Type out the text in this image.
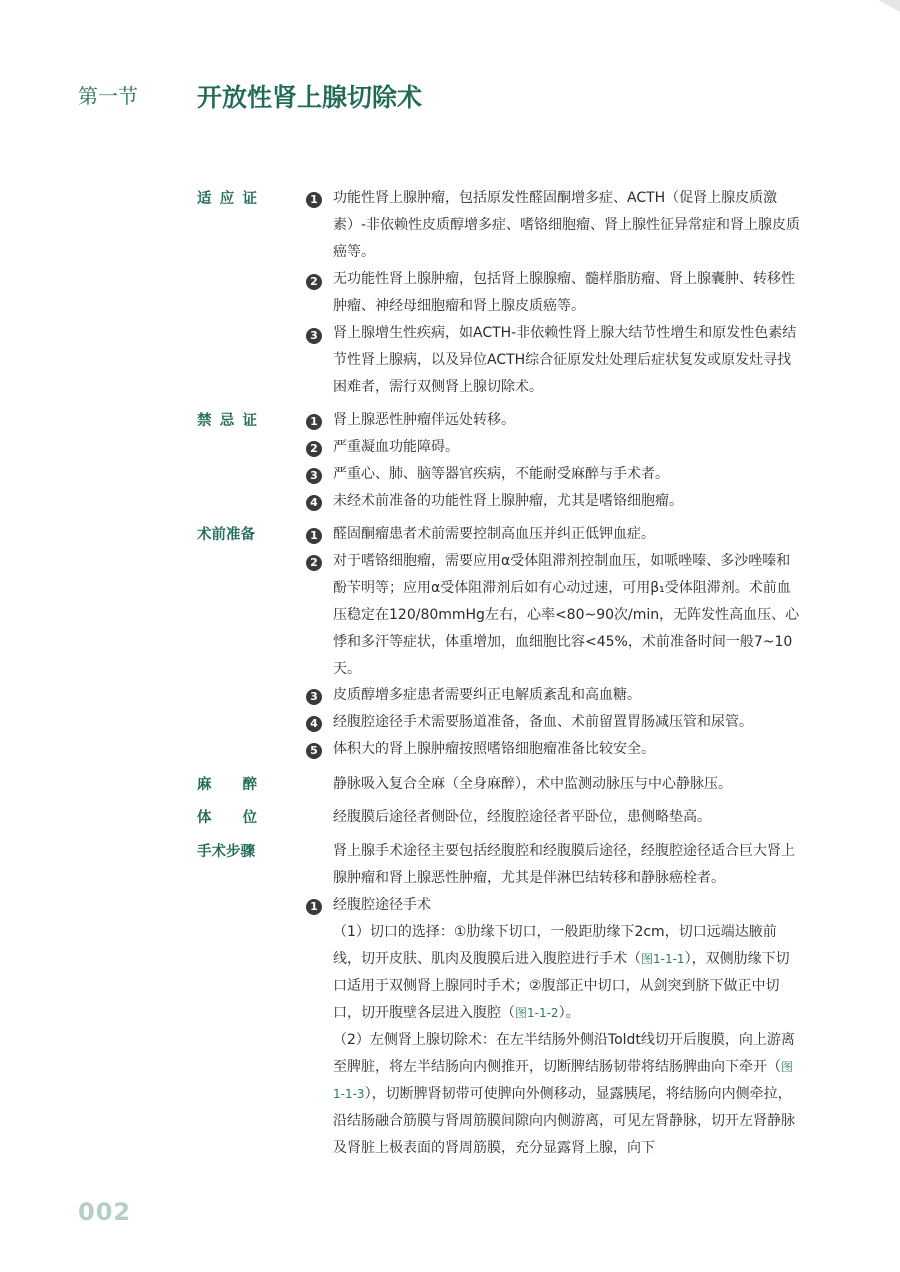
第一节 开放性肾上腺切除术
适 应 证	1 功能性肾上腺肿瘤，包括原发性醛固酮增多症、ACTH（促肾上腺皮质激素）-非依赖性皮质醇增多症、嗜铬细胞瘤、肾上腺性征异常症和肾上腺皮质癌等。
2 无功能性肾上腺肿瘤，包括肾上腺腺瘤、髓样脂肪瘤、肾上腺囊肿、转移性肿瘤、神经母细胞瘤和肾上腺皮质癌等。
3 肾上腺增生性疾病，如ACTH-非依赖性肾上腺大结节性增生和原发性色素结节性肾上腺病，以及异位ACTH综合征原发灶处理后症状复发或原发灶寻找困难者，需行双侧肾上腺切除术。
禁 忌 证	1 肾上腺恶性肿瘤伴远处转移。
2 严重凝血功能障碍。
3 严重心、肺、脑等器官疾病，不能耐受麻醉与手术者。
4 未经术前准备的功能性肾上腺肿瘤，尤其是嗜铬细胞瘤。
术前准备	1 醛固酮瘤患者术前需要控制高血压并纠正低钾血症。
2 对于嗜铬细胞瘤，需要应用α受体阻滞剂控制血压，如哌唑嗪、多沙唑嗪和酚苄明等；应用α受体阻滞剂后如有心动过速，可用β₁受体阻滞剂。术前血压稳定在120/80mmHg左右，心率<80~90次/min，无阵发性高血压、心悸和多汗等症状，体重增加，血细胞比容<45%，术前准备时间一般7~10天。
3 皮质醇增多症患者需要纠正电解质紊乱和高血糖。
4 经腹腔途径手术需要肠道准备，备血、术前留置胃肠减压管和尿管。
5 体积大的肾上腺肿瘤按照嗜铬细胞瘤准备比较安全。
麻 醉	静脉吸入复合全麻（全身麻醉），术中监测动脉压与中心静脉压。
体 位	经腹膜后途径者侧卧位，经腹腔途径者平卧位，患侧略垫高。
手术步骤	肾上腺手术途径主要包括经腹腔和经腹膜后途径，经腹腔途径适合巨大肾上腺肿瘤和肾上腺恶性肿瘤，尤其是伴淋巴结转移和静脉癌栓者。
1 经腹腔途径手术
（1）切口的选择：①肋缘下切口，一般距肋缘下2cm，切口远端达腋前线，切开皮肤、肌肉及腹膜后进入腹腔进行手术（图1-1-1），双侧肋缘下切口适用于双侧肾上腺同时手术；②腹部正中切口，从剑突到脐下做正中切口，切开腹壁各层进入腹腔（图1-1-2）。
（2）左侧肾上腺切除术：在左半结肠外侧沿Toldt线切开后腹膜，向上游离至脾脏，将左半结肠向内侧推开，切断脾结肠韧带将结肠脾曲向下牵开（图1-1-3），切断脾肾韧带可使脾向外侧移动，显露胰尾，将结肠向内侧牵拉，沿结肠融合筋膜与肾周筋膜间隙向内侧游离，可见左肾静脉，切开左肾静脉及肾脏上极表面的肾周筋膜，充分显露肾上腺，向下
002
